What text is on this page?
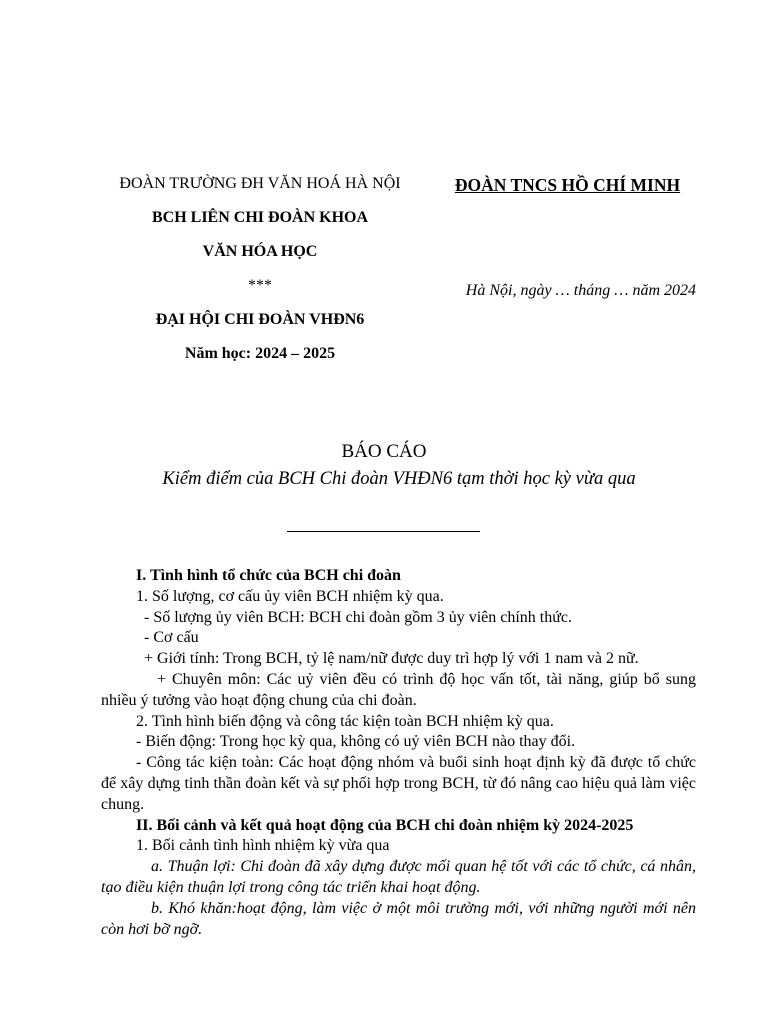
ĐOÀN TRƯỜNG ĐH VĂN HOÁ HÀ NỘI

BCH LIÊN CHI ĐOÀN KHOA

VĂN HÓA HỌC

***

ĐẠI HỘI CHI ĐOÀN VHĐN6

Năm học: 2024 – 2025

ĐOÀN TNCS HỒ CHÍ MINH
Hà Nội, ngày … tháng … năm 2024
BÁO CÁO
Kiểm điểm của BCH Chi đoàn VHĐN6 tạm thời học kỳ vừa qua

I. Tình hình tổ chức của BCH chi đoàn

1. Số lượng, cơ cấu ủy viên BCH nhiệm kỳ qua.

- Số lượng ủy viên BCH: BCH chi đoàn gồm 3 ủy viên chính thức.

- Cơ cấu

+ Giới tính: Trong BCH, tỷ lệ nam/nữ được duy trì hợp lý với 1 nam và 2 nữ.

+ Chuyên môn: Các uỷ viên đều có trình độ học vấn tốt, tài năng, giúp bổ sung nhiều ý tưởng vào hoạt động chung của chi đoàn.

2. Tình hình biến động và công tác kiện toàn BCH nhiệm kỳ qua.

- Biến động: Trong học kỳ qua, không có uỷ viên BCH nào thay đổi.

- Công tác kiện toàn: Các hoạt động nhóm và buổi sinh hoạt định kỳ đã được tổ chức để xây dựng tinh thần đoàn kết và sự phối hợp trong BCH, từ đó nâng cao hiệu quả làm việc chung.

II. Bối cảnh và kết quả hoạt động của BCH chi đoàn nhiệm kỳ 2024-2025

1. Bối cảnh tình hình nhiệm kỳ vừa qua

a. Thuận lợi: Chi đoàn đã xây dựng được mối quan hệ tốt với các tổ chức, cá nhân, tạo điều kiện thuận lợi trong công tác triển khai hoạt động.

b. Khó khăn:hoạt động, làm việc ở một môi trường mới, với những người mới nên còn hơi bỡ ngỡ.
